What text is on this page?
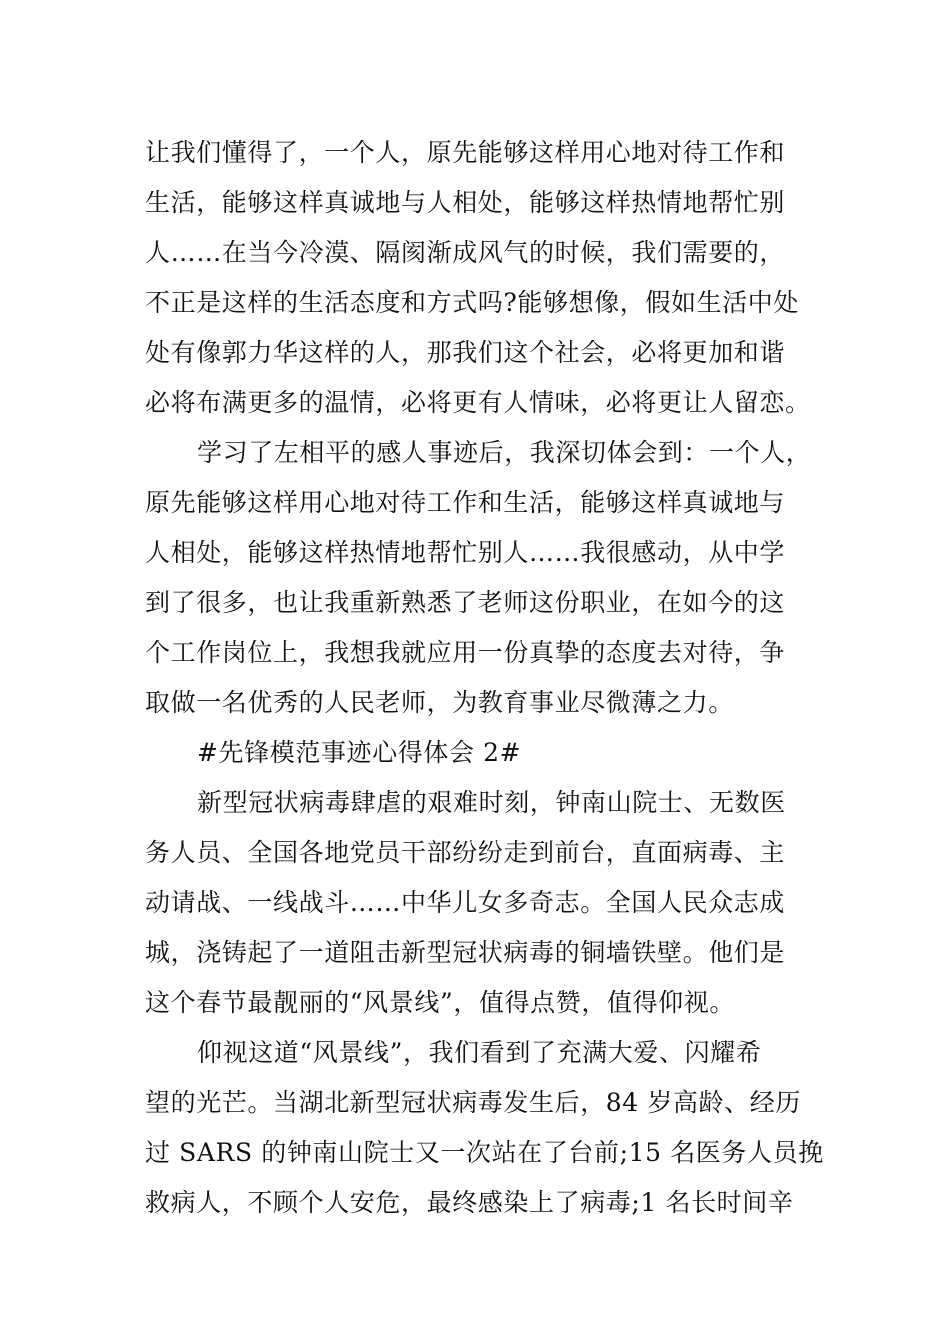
让我们懂得了，一个人，原先能够这样用心地对待工作和
生活，能够这样真诚地与人相处，能够这样热情地帮忙别
人……在当今冷漠、隔阂渐成风气的时候，我们需要的，
不正是这样的生活态度和方式吗?能够想像，假如生活中处
处有像郭力华这样的人，那我们这个社会，必将更加和谐
必将布满更多的温情，必将更有人情味，必将更让人留恋。
学习了左相平的感人事迹后，我深切体会到：一个人，
原先能够这样用心地对待工作和生活，能够这样真诚地与
人相处，能够这样热情地帮忙别人……我很感动，从中学
到了很多，也让我重新熟悉了老师这份职业，在如今的这
个工作岗位上，我想我就应用一份真挚的态度去对待，争
取做一名优秀的人民老师，为教育事业尽微薄之力。
#先锋模范事迹心得体会 2#
新型冠状病毒肆虐的艰难时刻，钟南山院士、无数医
务人员、全国各地党员干部纷纷走到前台，直面病毒、主
动请战、一线战斗……中华儿女多奇志。全国人民众志成
城，浇铸起了一道阻击新型冠状病毒的铜墙铁壁。他们是
这个春节最靓丽的“风景线”，值得点赞，值得仰视。
仰视这道“风景线”，我们看到了充满大爱、闪耀希
望的光芒。当湖北新型冠状病毒发生后，84 岁高龄、经历
过 SARS 的钟南山院士又一次站在了台前;15 名医务人员挽
救病人，不顾个人安危，最终感染上了病毒;1 名长时间辛
